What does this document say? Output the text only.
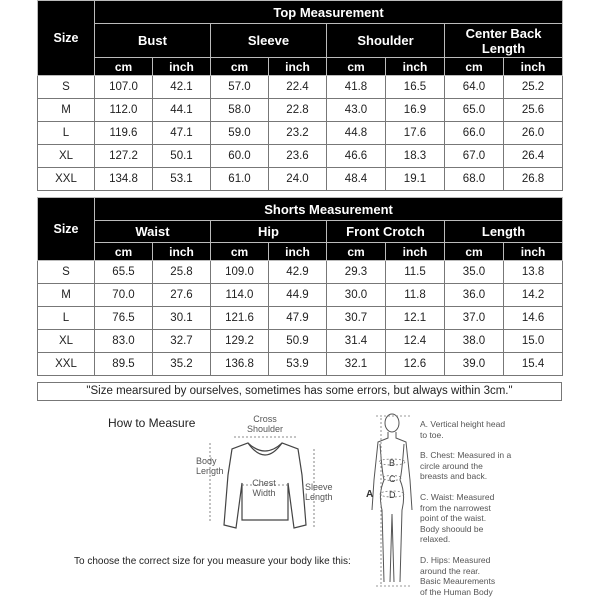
Size	Top Measurement							
	Bust		Sleeve		Shoulder		Center Back Length	
	cm	inch	cm	inch	cm	inch	cm	inch
S	107.0	42.1	57.0	22.4	41.8	16.5	64.0	25.2
M	112.0	44.1	58.0	22.8	43.0	16.9	65.0	25.6
L	119.6	47.1	59.0	23.2	44.8	17.6	66.0	26.0
XL	127.2	50.1	60.0	23.6	46.6	18.3	67.0	26.4
XXL	134.8	53.1	61.0	24.0	48.4	19.1	68.0	26.8
Size	Shorts Measurement							
	Waist		Hip		Front Crotch		Length	
	cm	inch	cm	inch	cm	inch	cm	inch
S	65.5	25.8	109.0	42.9	29.3	11.5	35.0	13.8
M	70.0	27.6	114.0	44.9	30.0	11.8	36.0	14.2
L	76.5	30.1	121.6	47.9	30.7	12.1	37.0	14.6
XL	83.0	32.7	129.2	50.9	31.4	12.4	38.0	15.0
XXL	89.5	35.2	136.8	53.9	32.1	12.6	39.0	15.4
"Size mearsured by ourselves, sometimes has some errors, but always within 3cm."
How to Measure	Cross
Shoulder
Body
Length
Chest
Width
Sleeve
Length
To choose the correct size for you measure your body like this:
A
B
C
D
A. Vertical height head
to toe.
B. Chest: Measured in a
circle around the
breasts and back.
C. Waist: Measured
from the narrowest
point of the waist.
Body shoould be
relaxed.
D. Hips: Measured
around the rear.
Basic Meaurements
of the Human Body
